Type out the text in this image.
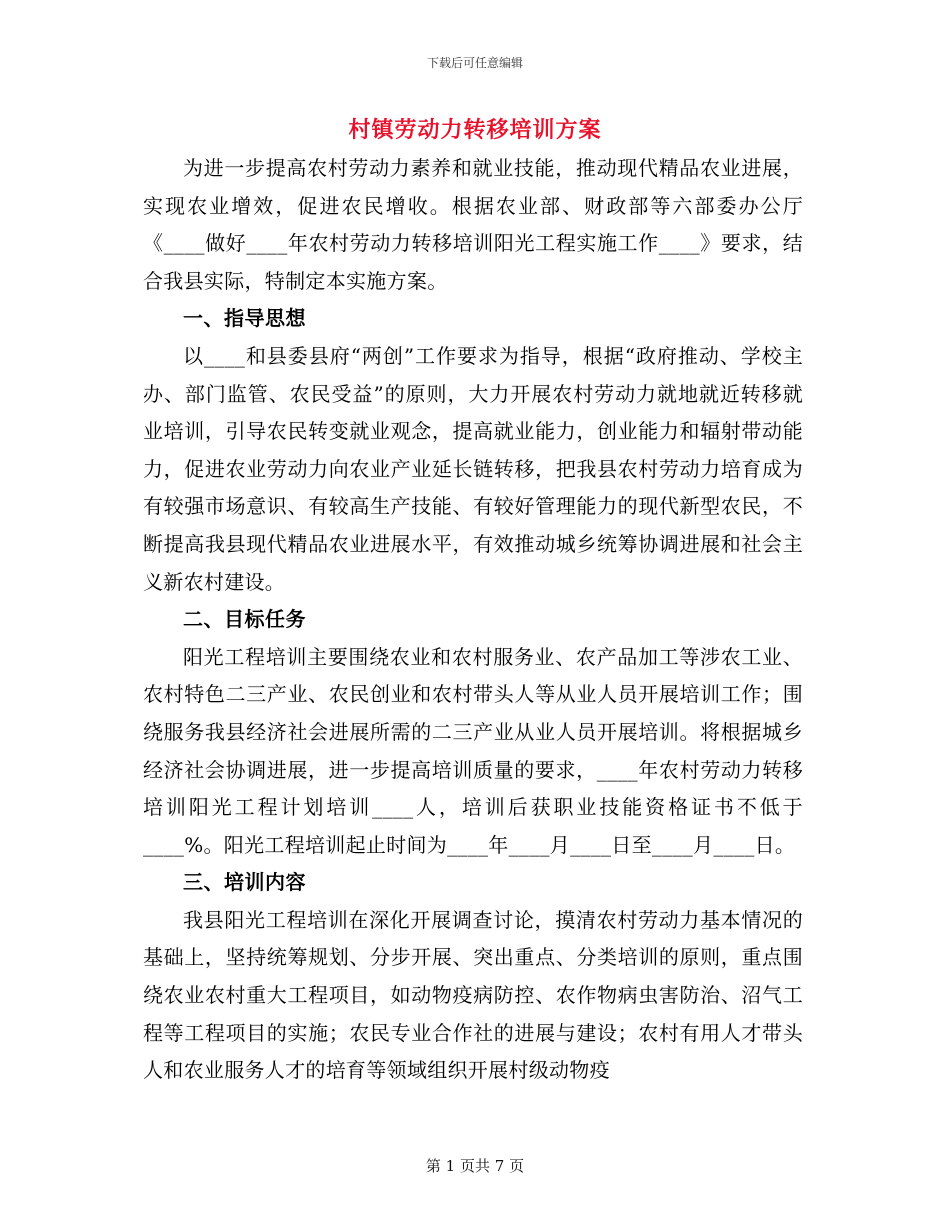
下载后可任意编辑
村镇劳动力转移培训方案

为进一步提高农村劳动力素养和就业技能，推动现代精品农业进展，实现农业增效，促进农民增收。根据农业部、财政部等六部委办公厅《____做好____年农村劳动力转移培训阳光工程实施工作____》要求，结合我县实际，特制定本实施方案。

一、指导思想

以____和县委县府“两创”工作要求为指导，根据“政府推动、学校主办、部门监管、农民受益”的原则，大力开展农村劳动力就地就近转移就业培训，引导农民转变就业观念，提高就业能力，创业能力和辐射带动能力，促进农业劳动力向农业产业延长链转移，把我县农村劳动力培育成为有较强市场意识、有较高生产技能、有较好管理能力的现代新型农民，不断提高我县现代精品农业进展水平，有效推动城乡统筹协调进展和社会主义新农村建设。

二、目标任务

阳光工程培训主要围绕农业和农村服务业、农产品加工等涉农工业、农村特色二三产业、农民创业和农村带头人等从业人员开展培训工作；围绕服务我县经济社会进展所需的二三产业从业人员开展培训。将根据城乡经济社会协调进展，进一步提高培训质量的要求，____年农村劳动力转移培训阳光工程计划培训____人，培训后获职业技能资格证书不低于____%。阳光工程培训起止时间为____年____月____日至____月____日。

三、培训内容

我县阳光工程培训在深化开展调查讨论，摸清农村劳动力基本情况的基础上，坚持统筹规划、分步开展、突出重点、分类培训的原则，重点围绕农业农村重大工程项目，如动物疫病防控、农作物病虫害防治、沼气工程等工程项目的实施；农民专业合作社的进展与建设；农村有用人才带头人和农业服务人才的培育等领域组织开展村级动物疫

第 1 页共 7 页
